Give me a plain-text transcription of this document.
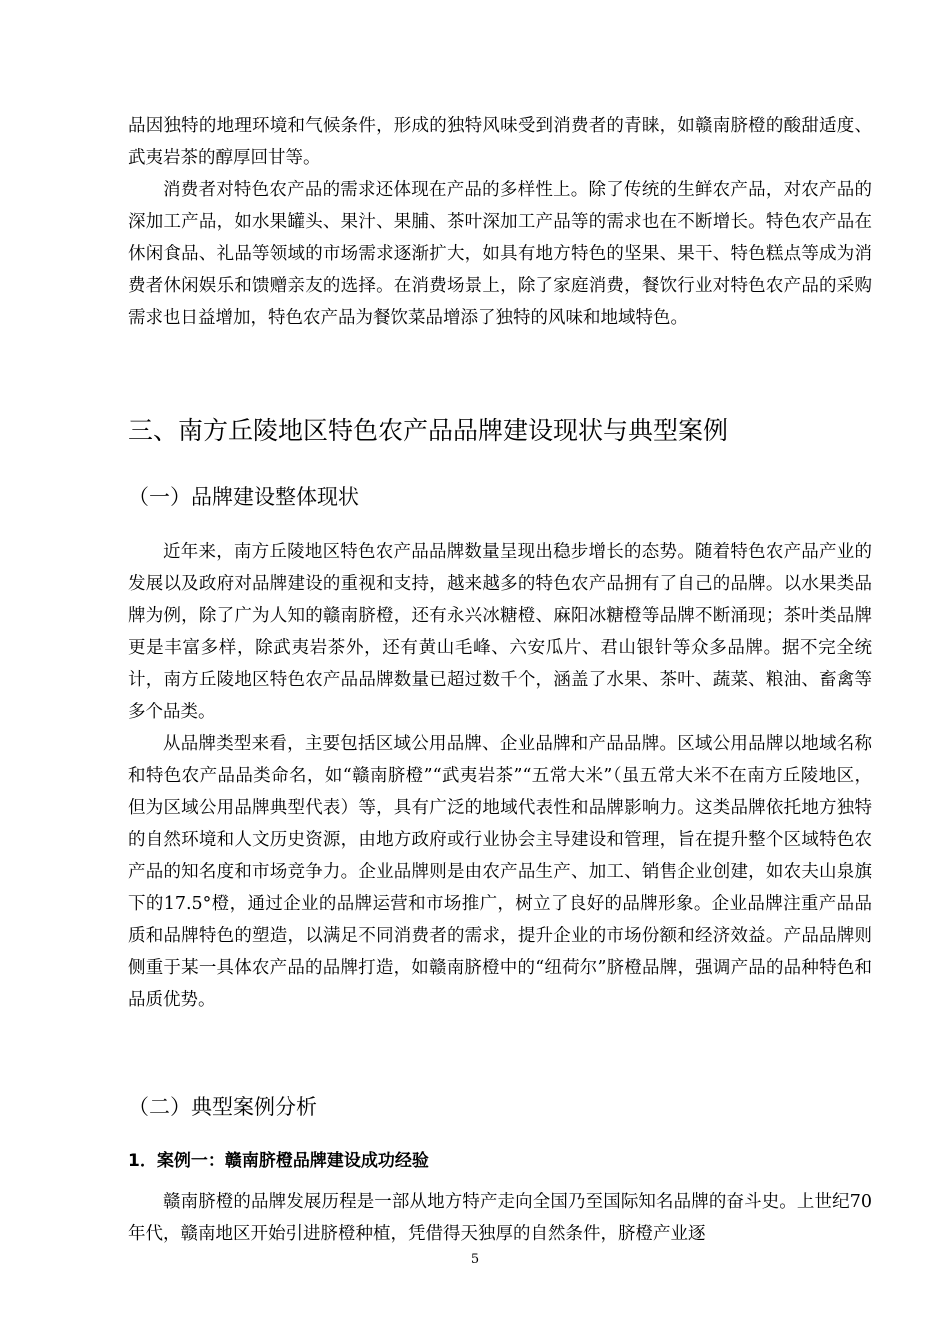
品因独特的地理环境和气候条件，形成的独特风味受到消费者的青睐，如赣南脐橙的酸甜适度、武夷岩茶的醇厚回甘等。

消费者对特色农产品的需求还体现在产品的多样性上。除了传统的生鲜农产品，对农产品的深加工产品，如水果罐头、果汁、果脯、茶叶深加工产品等的需求也在不断增长。特色农产品在休闲食品、礼品等领域的市场需求逐渐扩大，如具有地方特色的坚果、果干、特色糕点等成为消费者休闲娱乐和馈赠亲友的选择。在消费场景上，除了家庭消费，餐饮行业对特色农产品的采购需求也日益增加，特色农产品为餐饮菜品增添了独特的风味和地域特色。

三、南方丘陵地区特色农产品品牌建设现状与典型案例
（一）品牌建设整体现状

近年来，南方丘陵地区特色农产品品牌数量呈现出稳步增长的态势。随着特色农产品产业的发展以及政府对品牌建设的重视和支持，越来越多的特色农产品拥有了自己的品牌。以水果类品牌为例，除了广为人知的赣南脐橙，还有永兴冰糖橙、麻阳冰糖橙等品牌不断涌现；茶叶类品牌更是丰富多样，除武夷岩茶外，还有黄山毛峰、六安瓜片、君山银针等众多品牌。据不完全统计，南方丘陵地区特色农产品品牌数量已超过数千个，涵盖了水果、茶叶、蔬菜、粮油、畜禽等多个品类。

从品牌类型来看，主要包括区域公用品牌、企业品牌和产品品牌。区域公用品牌以地域名称和特色农产品品类命名，如“赣南脐橙”“武夷岩茶”“五常大米”（虽五常大米不在南方丘陵地区，但为区域公用品牌典型代表）等，具有广泛的地域代表性和品牌影响力。这类品牌依托地方独特的自然环境和人文历史资源，由地方政府或行业协会主导建设和管理，旨在提升整个区域特色农产品的知名度和市场竞争力。企业品牌则是由农产品生产、加工、销售企业创建，如农夫山泉旗下的17.5°橙，通过企业的品牌运营和市场推广，树立了良好的品牌形象。企业品牌注重产品品质和品牌特色的塑造，以满足不同消费者的需求，提升企业的市场份额和经济效益。产品品牌则侧重于某一具体农产品的品牌打造，如赣南脐橙中的“纽荷尔”脐橙品牌，强调产品的品种特色和品质优势。

（二）典型案例分析
1．案例一：赣南脐橙品牌建设成功经验

赣南脐橙的品牌发展历程是一部从地方特产走向全国乃至国际知名品牌的奋斗史。上世纪70年代，赣南地区开始引进脐橙种植，凭借得天独厚的自然条件，脐橙产业逐

5
